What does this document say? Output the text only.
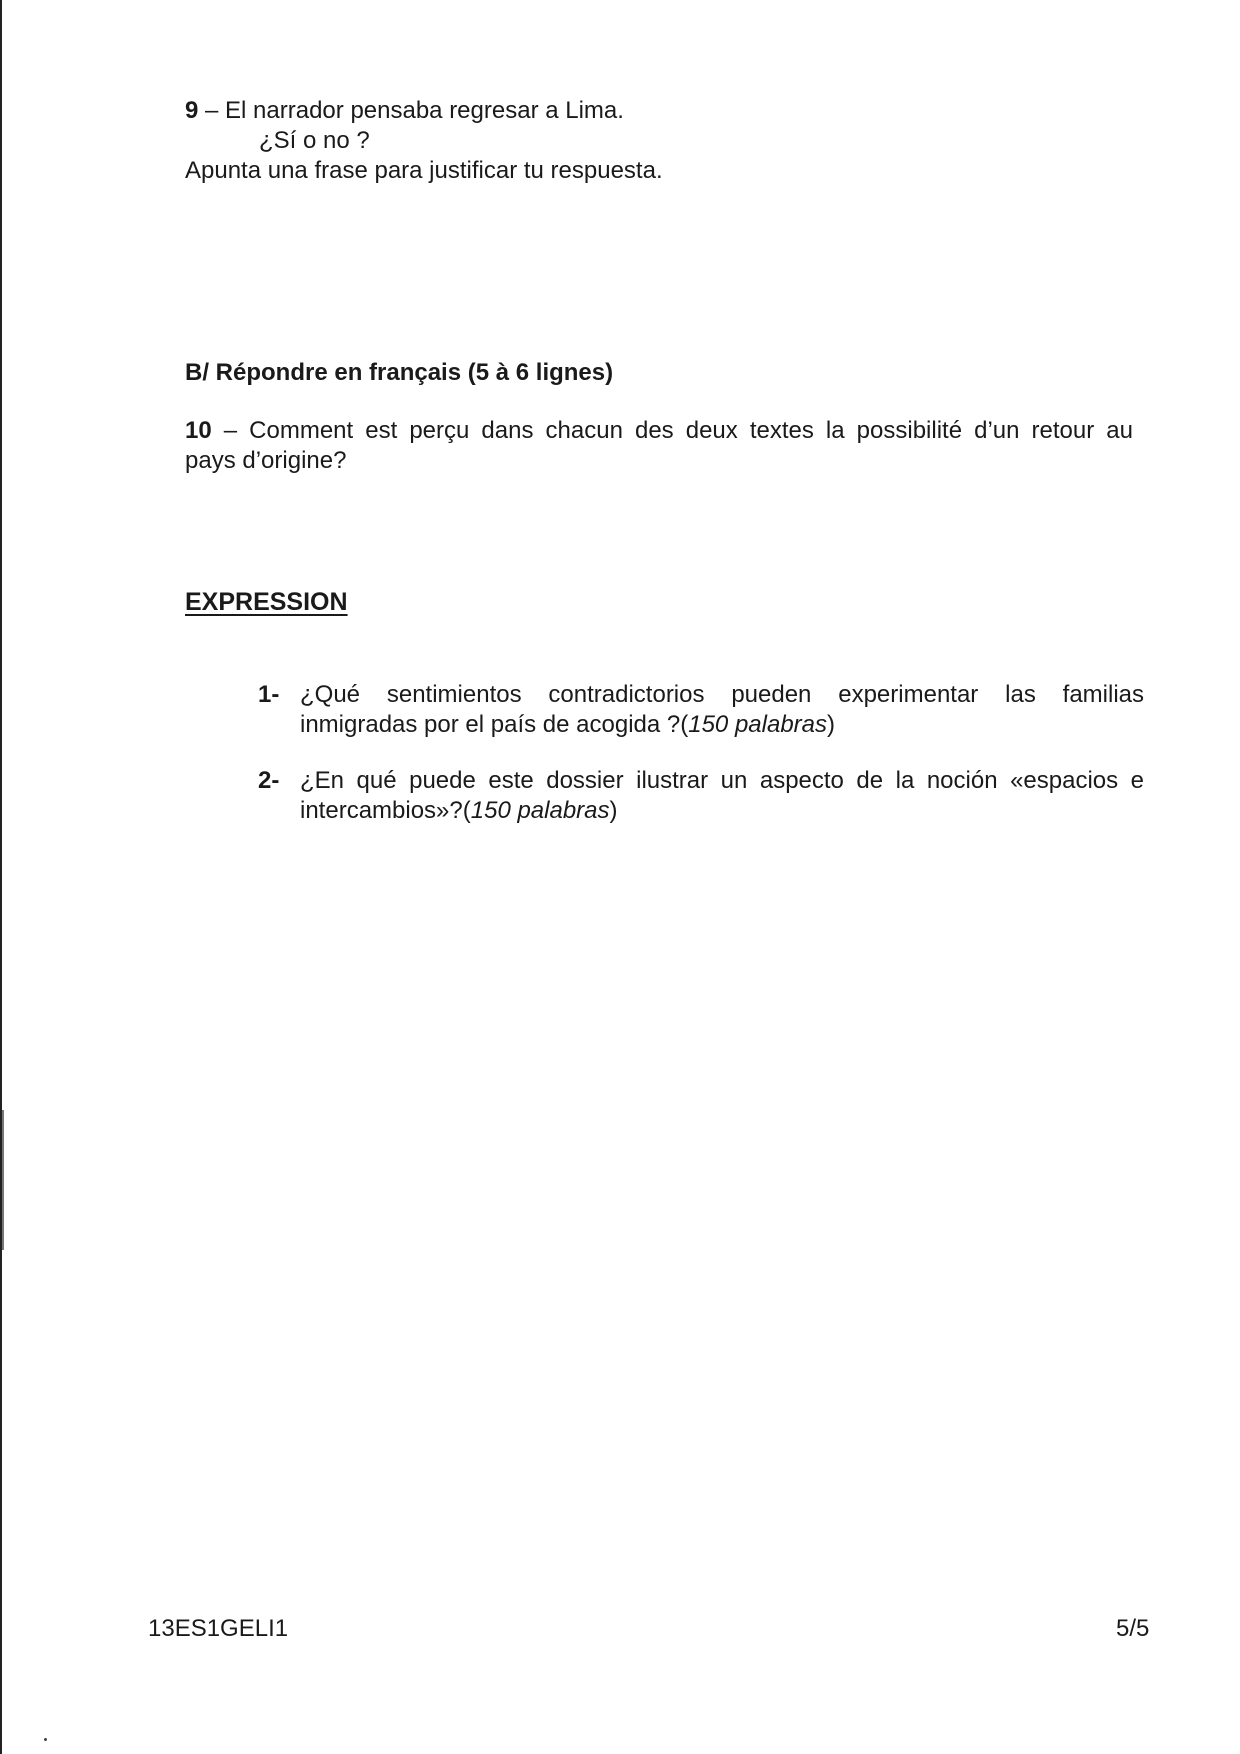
9 – El narrador pensaba regresar a Lima.
¿Sí o no ?
Apunta una frase para justificar tu respuesta.
B/ Répondre en français (5 à 6 lignes)
10 – Comment est perçu dans chacun des deux textes la possibilité d’un retour au
pays d’origine?
EXPRESSION
1- ¿Qué sentimientos contradictorios pueden experimentar las familias
inmigradas por el país de acogida ?(150 palabras)
2- ¿En qué puede este dossier ilustrar un aspecto de la noción «espacios e
intercambios»?(150 palabras)
13ES1GELI1	5/5
